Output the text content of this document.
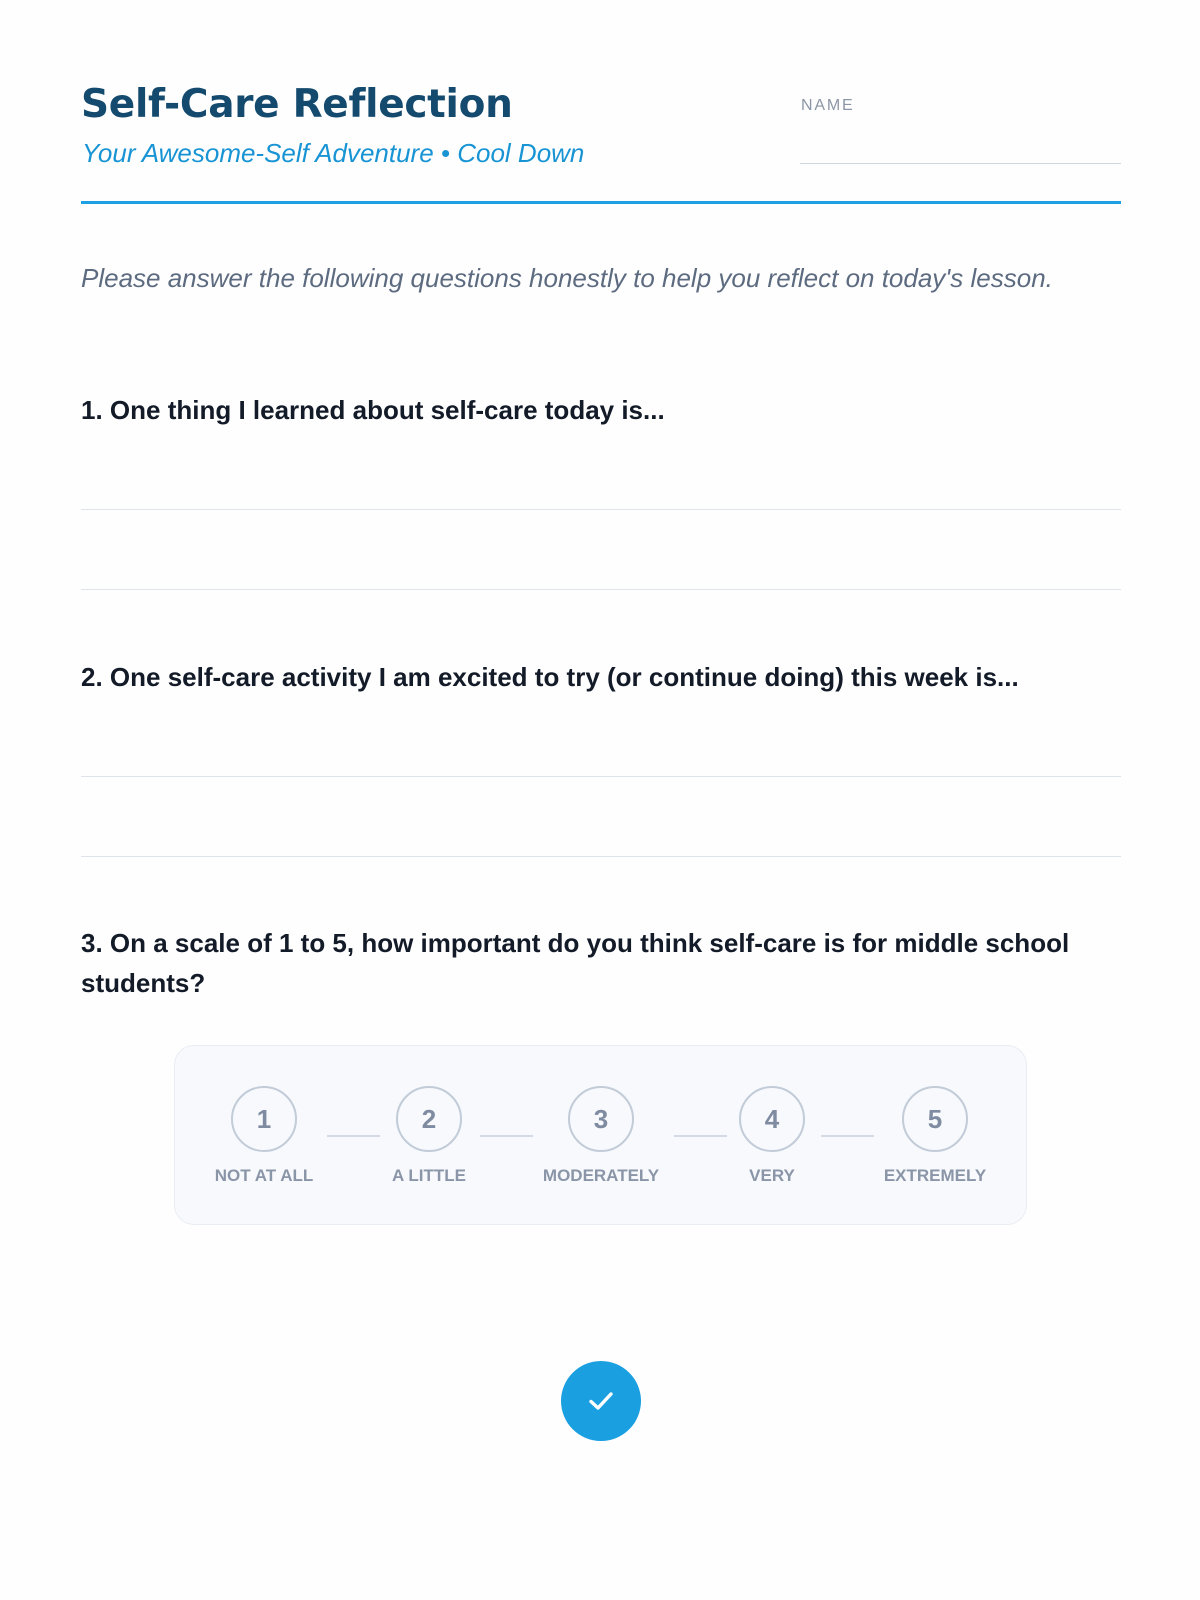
Self-Care Reflection
Your Awesome-Self Adventure • Cool Down
NAME

Please answer the following questions honestly to help you reflect on today's lesson.

1. One thing I learned about self-care today is...
2. One self-care activity I am excited to try (or continue doing) this week is...
3. On a scale of 1 to 5, how important do you think self-care is for middle school students?
1
NOT AT ALL
2
A LITTLE
3
MODERATELY
4
VERY
5
EXTREMELY
